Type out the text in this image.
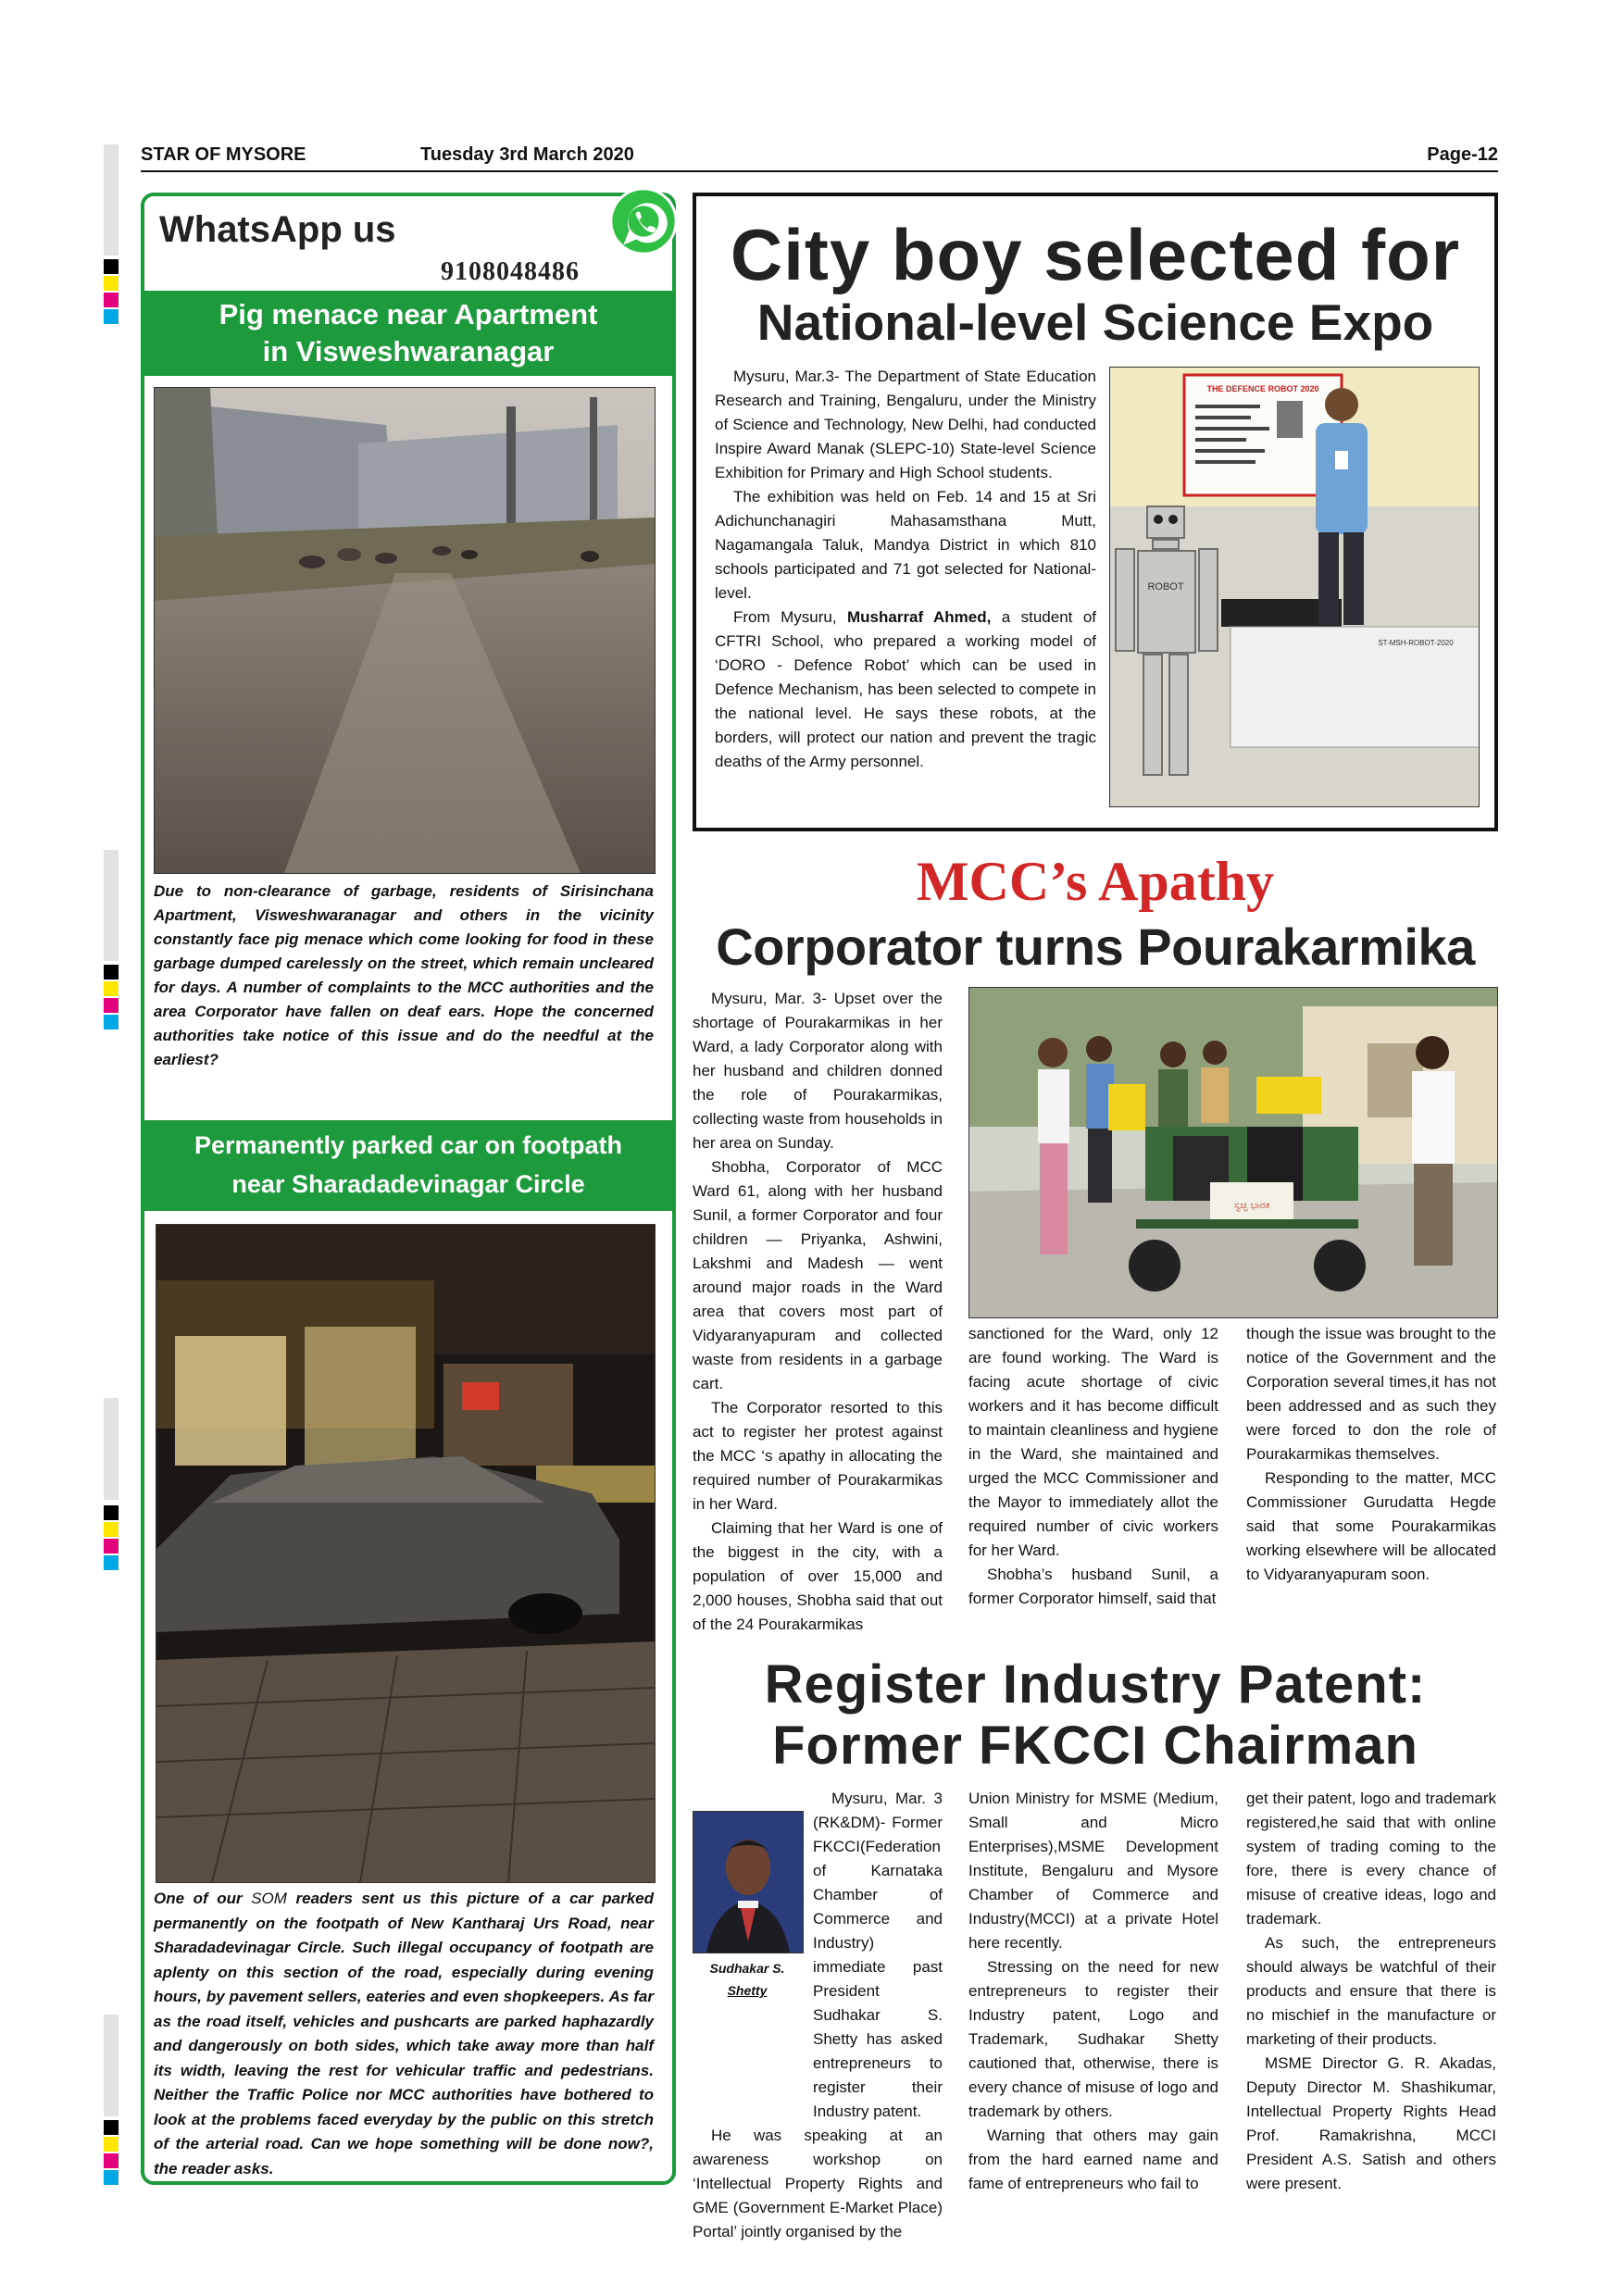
STAR OF MYSORE	Tuesday 3rd March 2020	Page-12
WhatsApp us
9108048486
Pig menace near Apartment
in Visweshwaranagar
Due to non-clearance of garbage, residents of Sirisinchana Apartment, Visweshwaranagar and others in the vicinity constantly face pig menace which come looking for food in these garbage dumped carelessly on the street, which remain uncleared for days. A number of complaints to the MCC authorities and the area Corporator have fallen on deaf ears. Hope the concerned authorities take notice of this issue and do the needful at the earliest?
Permanently parked car on footpath
near Sharadadevinagar Circle
One of our SOM readers sent us this picture of a car parked permanently on the footpath of New Kantharaj Urs Road, near Sharadadevinagar Circle. Such illegal occupancy of footpath are aplenty on this section of the road, especially during evening hours, by pavement sellers, eateries and even shopkeepers. As far as the road itself, vehicles and pushcarts are parked haphazardly and dangerously on both sides, which take away more than half its width, leaving the rest for vehicular traffic and pedestrians. Neither the Traffic Police nor MCC authorities have bothered to look at the problems faced everyday by the public on this stretch of the arterial road. Can we hope something will be done now?, the reader asks.
City boy selected for
National-level Science Expo

Mysuru, Mar.3- The Department of State Education Research and Training, Bengaluru, under the Ministry of Science and Technology, New Delhi, had conducted Inspire Award Manak (SLEPC-10) State-level Science Exhibition for Primary and High School students.

The exhibition was held on Feb. 14 and 15 at Sri Adichunchanagiri Mahasamsthana Mutt, Nagamangala Taluk, Mandya District in which 810 schools participated and 71 got selected for National-level.

From Mysuru, Musharraf Ahmed, a student of CFTRI School, who prepared a working model of ‘DORO - Defence Robot’ which can be used in Defence Mechanism, has been selected to compete in the national level. He says these robots, at the borders, will protect our nation and prevent the tragic deaths of the Army personnel.

THE DEFENCE ROBOT 2020
ROBOT
ST-MSH-ROBOT-2020
MCC’s Apathy
Corporator turns Pourakarmika

Mysuru, Mar. 3- Upset over the shortage of Pourakarmikas in her Ward, a lady Corporator along with her husband and children donned the role of Pourakarmikas, collecting waste from households in her area on Sunday.

Shobha, Corporator of MCC Ward 61, along with her husband Sunil, a former Corporator and four children — Priyanka, Ashwini, Lakshmi and Madesh — went around major roads in the Ward area that covers most part of Vidyaranyapuram and collected waste from residents in a garbage cart.

The Corporator resorted to this act to register her protest against the MCC ‘s apathy in allocating the required number of Pourakarmikas in her Ward.

Claiming that her Ward is one of the biggest in the city, with a population of over 15,000 and 2,000 houses, Shobha said that out of the 24 Pourakarmikas

ಸ್ವಚ್ಛ ಭಾರತ

sanctioned for the Ward, only 12 are found working. The Ward is facing acute shortage of civic workers and it has become difficult to maintain cleanliness and hygiene in the Ward, she maintained and urged the MCC Commissioner and the Mayor to immediately allot the required number of civic workers for her Ward.

Shobha’s husband Sunil, a former Corporator himself, said that

though the issue was brought to the notice of the Government and the Corporation several times,it has not been addressed and as such they were forced to don the role of Pourakarmikas themselves.

Responding to the matter, MCC Commissioner Gurudatta Hegde said that some Pourakarmikas working elsewhere will be allocated to Vidyaranyapuram soon.

Register Industry Patent:
Former FKCCI Chairman
Sudhakar S.
Shetty

Mysuru, Mar. 3 (RK&DM)- Former FKCCI(Federation of Karnataka Chamber of Commerce and Industry) immediate past President Sudhakar S. Shetty has asked entrepreneurs to register their Industry patent.

He was speaking at an awareness workshop on ‘Intellectual Property Rights and GME (Government E-Market Place) Portal’ jointly organised by the

Union Ministry for MSME (Medium, Small and Micro Enterprises),MSME Development Institute, Bengaluru and Mysore Chamber of Commerce and Industry(MCCI) at a private Hotel here recently.

Stressing on the need for new entrepreneurs to register their Industry patent, Logo and Trademark, Sudhakar Shetty cautioned that, otherwise, there is every chance of misuse of logo and trademark by others.

Warning that others may gain from the hard earned name and fame of entrepreneurs who fail to

get their patent, logo and trademark registered,he said that with online system of trading coming to the fore, there is every chance of misuse of creative ideas, logo and trademark.

As such, the entrepreneurs should always be watchful of their products and ensure that there is no mischief in the manufacture or marketing of their products.

MSME Director G. R. Akadas, Deputy Director M. Shashikumar, Intellectual Property Rights Head Prof. Ramakrishna, MCCI President A.S. Satish and others were present.
